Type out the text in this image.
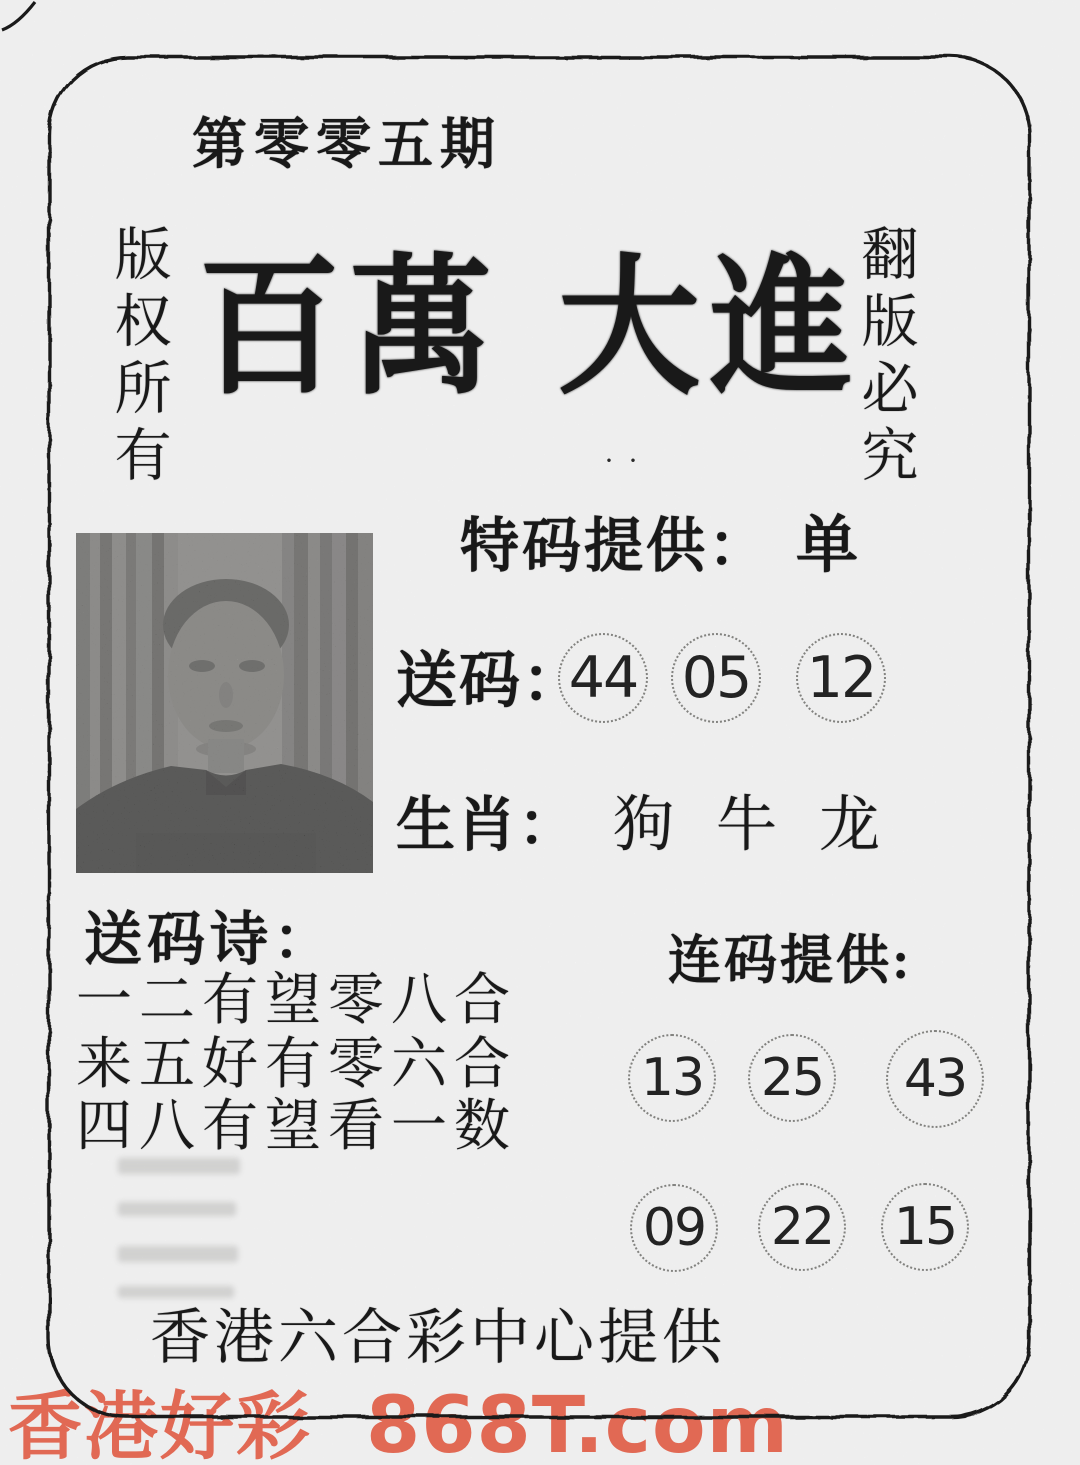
第零零五期
版权所有	翻版必究
百 萬 大 進
··
特码提供： 单
送码：
44 05 12
生肖： 狗 牛 龙
送码诗：
一二有望零八合
来五好有零六合
四八有望看一数
连码提供:
13 25	43
09 22 15
香港六合彩中心提供
香港好彩 868T.com
